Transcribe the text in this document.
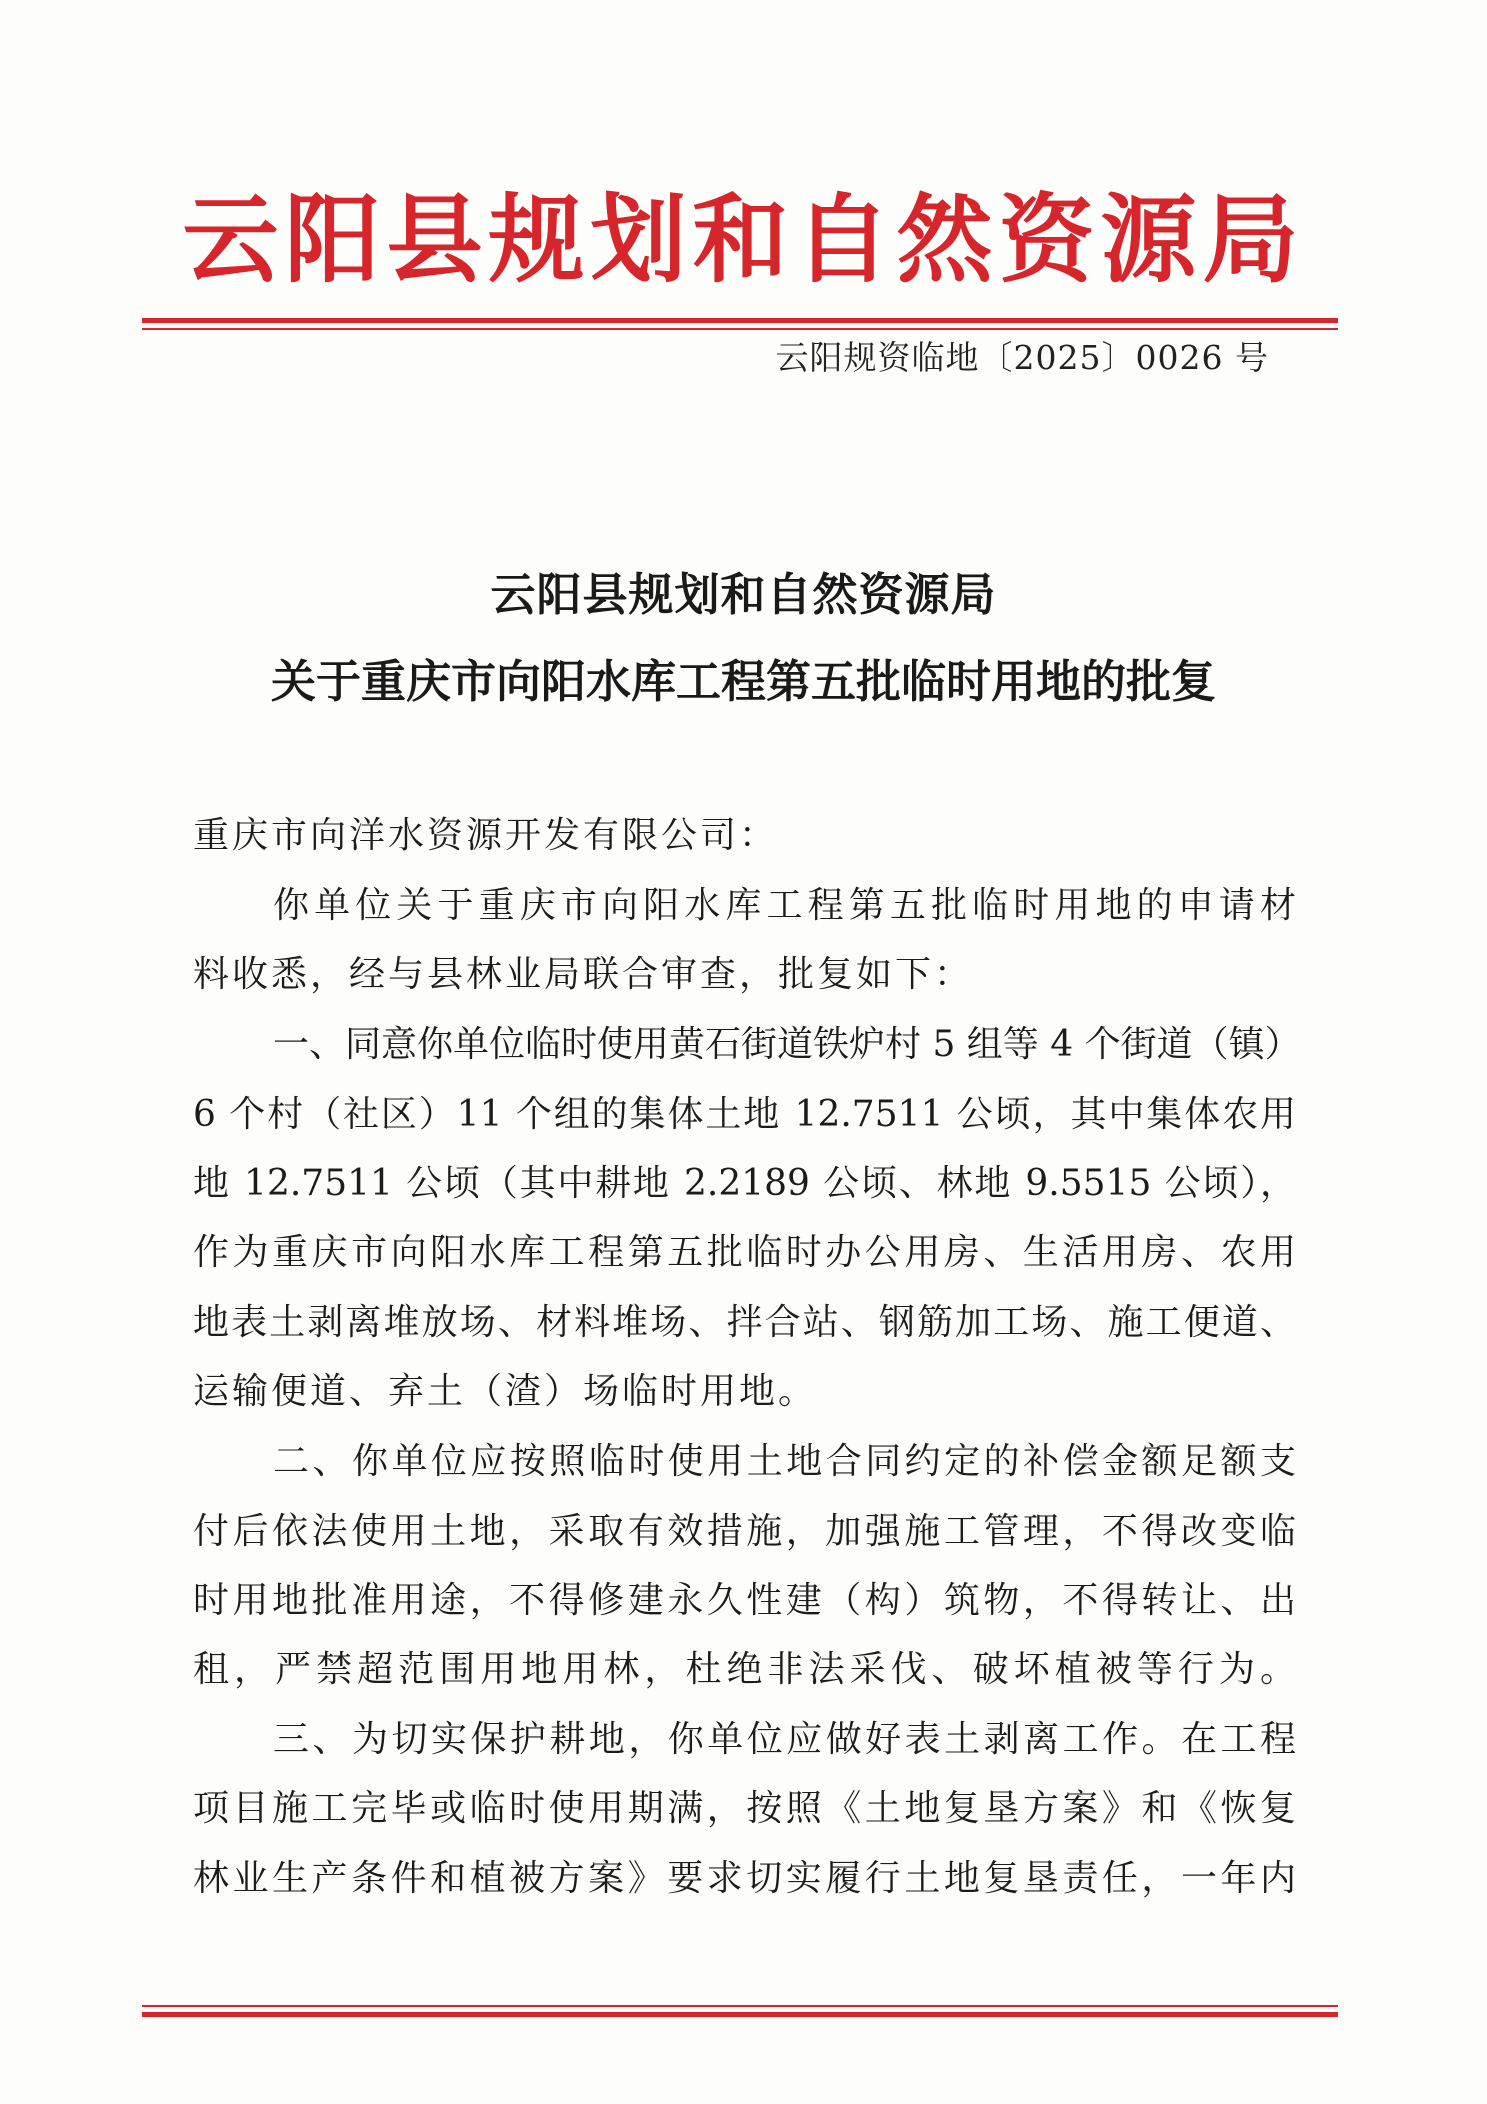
云阳县规划和自然资源局
云阳规资临地〔2025〕0026 号
云阳县规划和自然资源局
关于重庆市向阳水库工程第五批临时用地的批复
重庆市向洋水资源开发有限公司：
你单位关于重庆市向阳水库工程第五批临时用地的申请材
料收悉，经与县林业局联合审查，批复如下：
一、同意你单位临时使用黄石街道铁炉村 5 组等 4 个街道（镇）
6 个村（社区）11 个组的集体土地 12.7511 公顷，其中集体农用
地 12.7511 公顷（其中耕地 2.2189 公顷、林地 9.5515 公顷），
作为重庆市向阳水库工程第五批临时办公用房、生活用房、农用
地表土剥离堆放场、材料堆场、拌合站、钢筋加工场、施工便道、
运输便道、弃土（渣）场临时用地。
二、你单位应按照临时使用土地合同约定的补偿金额足额支
付后依法使用土地，采取有效措施，加强施工管理，不得改变临
时用地批准用途，不得修建永久性建（构）筑物，不得转让、出
租，严禁超范围用地用林，杜绝非法采伐、破坏植被等行为。
三、为切实保护耕地，你单位应做好表土剥离工作。在工程
项目施工完毕或临时使用期满，按照《土地复垦方案》和《恢复
林业生产条件和植被方案》要求切实履行土地复垦责任，一年内
